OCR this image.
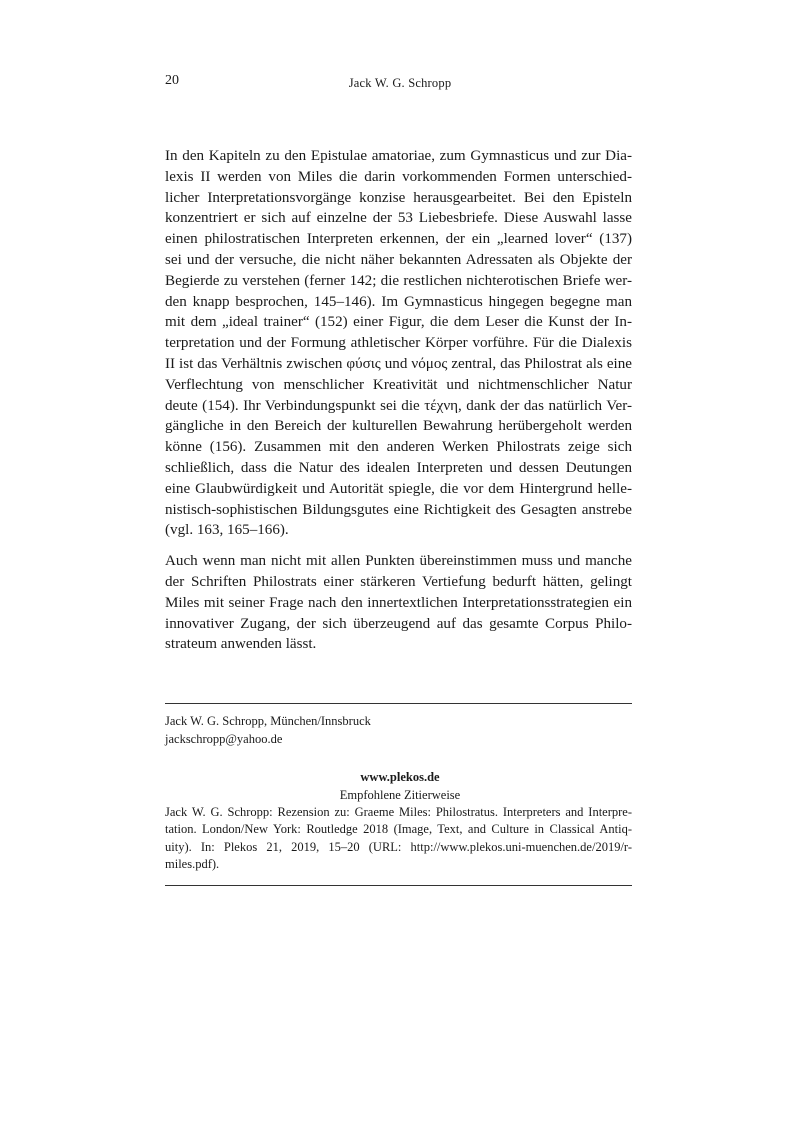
20	Jack W. G. Schropp

In den Kapiteln zu den Epistulae amatoriae, zum Gymnasticus und zur Dia-
lexis II werden von Miles die darin vorkommenden Formen unterschied-
licher Interpretationsvorgänge konzise herausgearbeitet. Bei den Episteln
konzentriert er sich auf einzelne der 53 Liebesbriefe. Diese Auswahl lasse
einen philostratischen Interpreten erkennen, der ein „learned lover“ (137)
sei und der versuche, die nicht näher bekannten Adressaten als Objekte der
Begierde zu verstehen (ferner 142; die restlichen nichterotischen Briefe wer-
den knapp besprochen, 145–146). Im Gymnasticus hingegen begegne man
mit dem „ideal trainer“ (152) einer Figur, die dem Leser die Kunst der In-
terpretation und der Formung athletischer Körper vorführe. Für die Dialexis
II ist das Verhältnis zwischen φύσις und νόμος zentral, das Philostrat als eine
Verflechtung von menschlicher Kreativität und nichtmenschlicher Natur
deute (154). Ihr Verbindungspunkt sei die τέχνη, dank der das natürlich Ver-
gängliche in den Bereich der kulturellen Bewahrung herübergeholt werden
könne (156). Zusammen mit den anderen Werken Philostrats zeige sich
schließlich, dass die Natur des idealen Interpreten und dessen Deutungen
eine Glaubwürdigkeit und Autorität spiegle, die vor dem Hintergrund helle-
nistisch-sophistischen Bildungsgutes eine Richtigkeit des Gesagten anstrebe
(vgl. 163, 165–166).

Auch wenn man nicht mit allen Punkten übereinstimmen muss und manche
der Schriften Philostrats einer stärkeren Vertiefung bedurft hätten, gelingt
Miles mit seiner Frage nach den innertextlichen Interpretationsstrategien ein
innovativer Zugang, der sich überzeugend auf das gesamte Corpus Philo-
strateum anwenden lässt.

Jack W. G. Schropp, München/Innsbruck
jackschropp@yahoo.de
www.plekos.de
Empfohlene Zitierweise
Jack W. G. Schropp: Rezension zu: Graeme Miles: Philostratus. Interpreters and Interpre-
tation. London/New York: Routledge 2018 (Image, Text, and Culture in Classical Antiq-
uity). In: Plekos 21, 2019, 15–20 (URL: http://www.plekos.uni-muenchen.de/2019/r-
miles.pdf).
